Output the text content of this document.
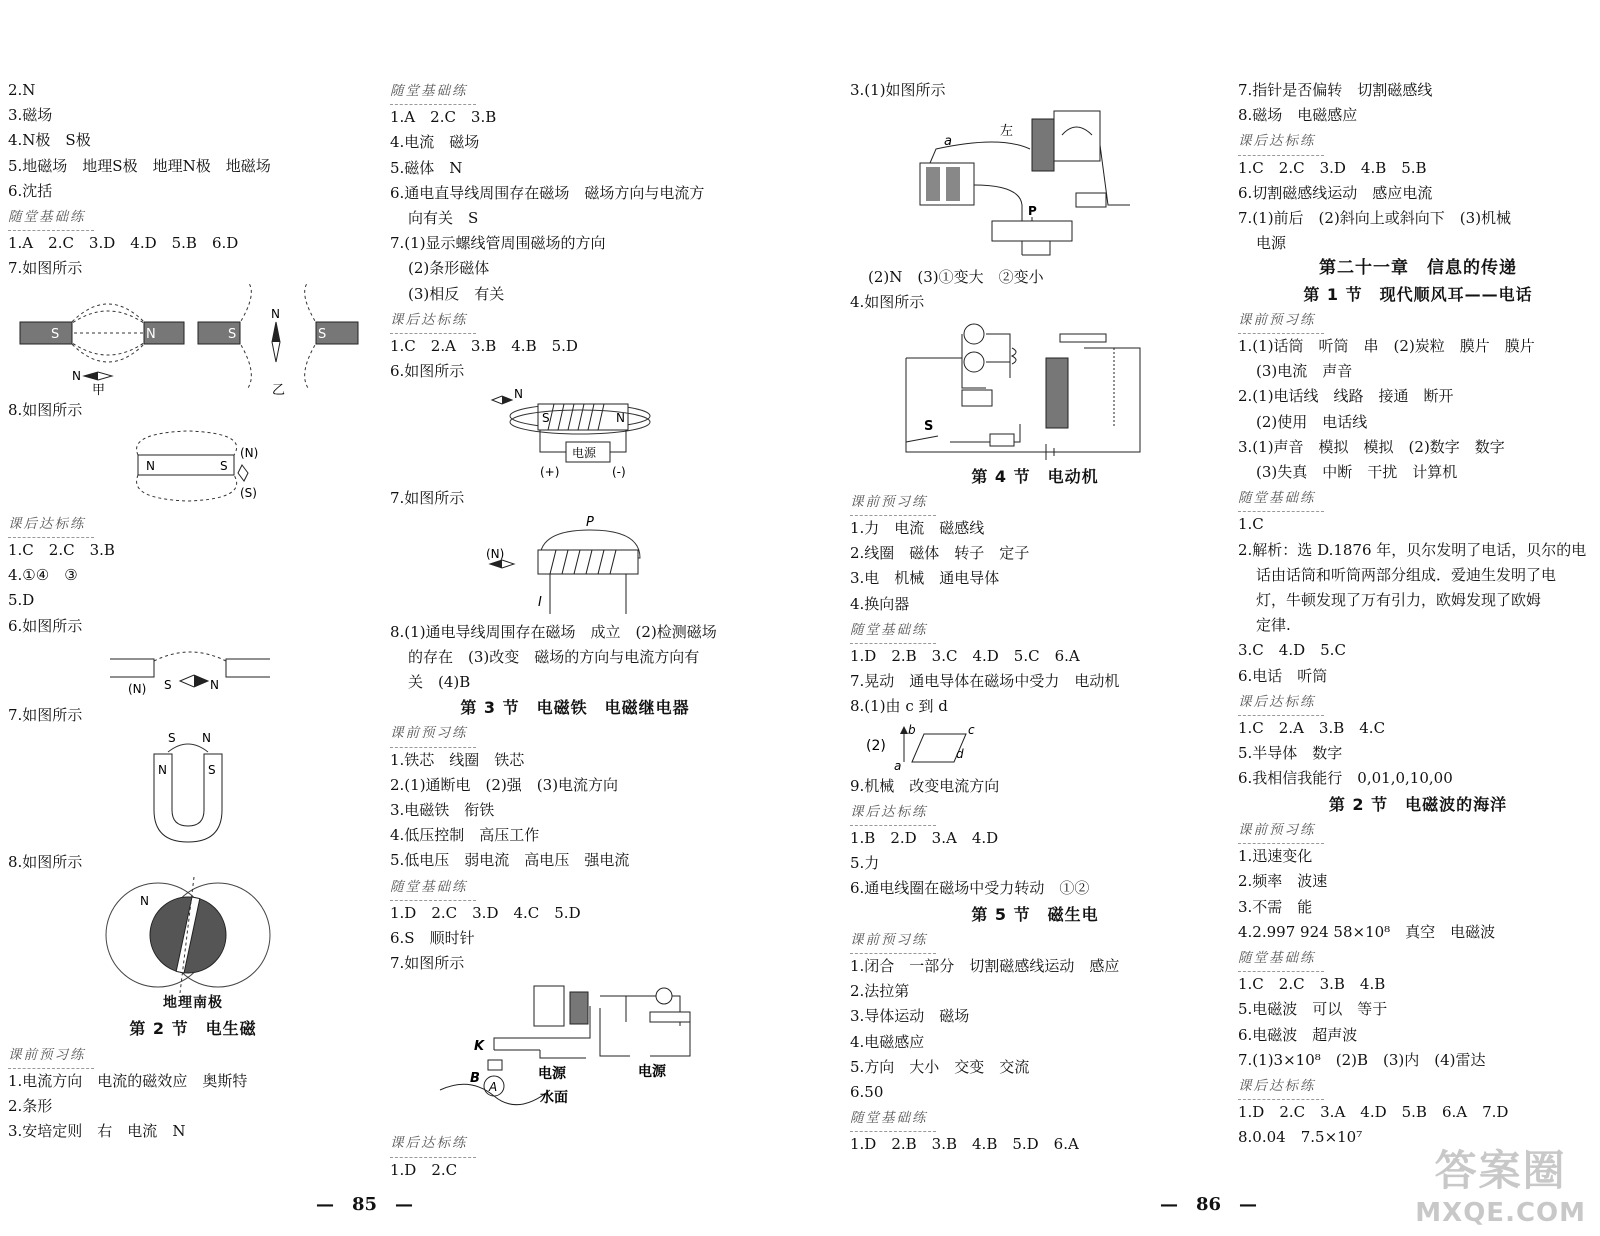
2.N
3.磁场
4.N极　S极
5.地磁场　地理S极　地理N极　地磁场
6.沈括
随堂基础练
1.A　2.C　3.D　4.D　5.B　6.D
7.如图所示
S	N	S	S
N
N
甲	乙
8.如图所示
N	S
(N)
(S)
课后达标练
1.C　2.C　3.B
4.①④　③
5.D
6.如图所示
(N) S	N
7.如图所示
S N
N	S
8.如图所示
N
地理南极
第 2 节　电生磁
课前预习练
1.电流方向　电流的磁效应　奥斯特
2.条形
3.安培定则　右　电流　N
随堂基础练
1.A　2.C　3.B
4.电流　磁场
5.磁体　N
6.通电直导线周围存在磁场　磁场方向与电流方
向有关　S
7.(1)显示螺线管周围磁场的方向
(2)条形磁体
(3)相反　有关
课后达标练
1.C　2.A　3.B　4.B　5.D
6.如图所示
N
S	N
电源
(+)	(-)
7.如图所示
P
(N)
I
8.(1)通电导线周围存在磁场　成立　(2)检测磁场
的存在　(3)改变　磁场的方向与电流方向有
关　(4)B
第 3 节　电磁铁　电磁继电器
课前预习练
1.铁芯　线圈　铁芯
2.(1)通断电　(2)强　(3)电流方向
3.电磁铁　衔铁
4.低压控制　高压工作
5.低电压　弱电流　高电压　强电流
随堂基础练
1.D　2.C　3.D　4.C　5.D
6.S　顺时针
7.如图所示
电源
K
电源
A
B
水面
课后达标练
1.D　2.C
3.(1)如图所示
a
左
P
(2)N　(3)①变大　②变小
4.如图所示
S
第 4 节　电动机
课前预习练
1.力　电流　磁感线
2.线圈　磁体　转子　定子
3.电　机械　通电导体
4.换向器
随堂基础练
1.D　2.B　3.C　4.D　5.C　6.A
7.晃动　通电导体在磁场中受力　电动机
8.(1)由 c 到 d
(2)
b	c
a
d
9.机械　改变电流方向
课后达标练
1.B　2.D　3.A　4.D
5.力
6.通电线圈在磁场中受力转动　①②
第 5 节　磁生电
课前预习练
1.闭合　一部分　切割磁感线运动　感应
2.法拉第
3.导体运动　磁场
4.电磁感应
5.方向　大小　交变　交流
6.50
随堂基础练
1.D　2.B　3.B　4.B　5.D　6.A
7.指针是否偏转　切割磁感线
8.磁场　电磁感应
课后达标练
1.C　2.C　3.D　4.B　5.B
6.切割磁感线运动　感应电流
7.(1)前后　(2)斜向上或斜向下　(3)机械
电源
第二十一章　信息的传递
第 1 节　现代顺风耳——电话
课前预习练
1.(1)话筒　听筒　串　(2)炭粒　膜片　膜片
(3)电流　声音
2.(1)电话线　线路　接通　断开
(2)使用　电话线
3.(1)声音　模拟　模拟　(2)数字　数字
(3)失真　中断　干扰　计算机
随堂基础练
1.C
2.解析：选 D.1876 年，贝尔发明了电话，贝尔的电
话由话筒和听筒两部分组成．爱迪生发明了电
灯，牛顿发现了万有引力，欧姆发现了欧姆
定律.
3.C　4.D　5.C
6.电话　听筒
课后达标练
1.C　2.A　3.B　4.C
5.半导体　数字
6.我相信我能行　0,01,0,10,00
第 2 节　电磁波的海洋
课前预习练
1.迅速变化
2.频率　波速
3.不需　能
4.2.997 924 58×10⁸　真空　电磁波
随堂基础练
1.C　2.C　3.B　4.B
5.电磁波　可以　等于
6.电磁波　超声波
7.(1)3×10⁸　(2)B　(3)内　(4)雷达
课后达标练
1.D　2.C　3.A　4.D　5.B　6.A　7.D
8.0.04　7.5×10⁷
—　85　—	—　86　—
答案圈
MXQE.COM
